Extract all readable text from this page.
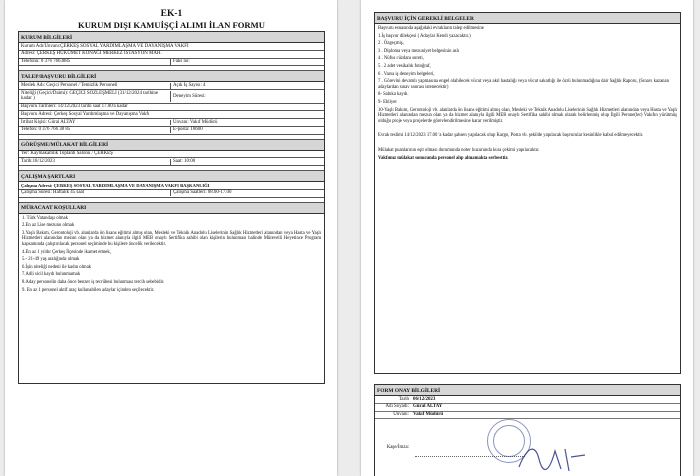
EK-1
KURUM DIŞI KAMUİŞÇİ ALIMI İLAN FORMU
KURUM BİLGİLERİ
Kurum Adı/Unvanı:ÇERKEŞ SOSYAL YARDIMLAŞMA VE DAYANIŞMA VAKFI
Adresi: ÇERKEŞ HÜKÜMET KONAĞI MERKEZ İSTASYON MAH.
Telefonu: 0 376 7663885	Faks no:
TALEP/BAŞVURU BİLGİLERİ
Meslek Adı: Geçici Personel / Temizlik Personeli	Açık İş Sayısı: 4
Niteliği (Geçici/Daimi): GEÇİCİ SÖZLEŞMELİ (31/12/2024 tarihine kadar )
Deneyim Süresi:
Başvuru Tarihleri: 14/12/2023 tarihi saat 17.00'a kadar
Başvuru Adresi: Çerkeş Sosyal Yardımlaşma ve Dayanışma Vakfı
İrtibat Kişisi: Güral ALTAY	Unvanı: Vakıf Müdürü
Telefon: 0 376 766 38 85	E-posta: 18600
GÖRÜŞME/MÜLAKAT BİLGİLERİ
Yer: Kaymakamlık Toplantı Salonu / ÇERKEŞ
Tarih:18/12/2023	Saat: 10:00
ÇALIŞMA ŞARTLARI
Çalışma Adresi: ÇERKEŞ SOSYAL YARDIMLAŞMA VE DAYANIŞMA VAKFI BAŞKANLIĞI
Çalışma Süresi: Haftalık 45 saat	Çalışma Saatleri: 08.00-17.00
MÜRACAAT KOŞULLARI
1. Türk Vatandaşı olmak
2.En az Lise mezunu olmak
3.Yaşlı Bakım, Gerontoloji vb. alanlarda ön lisans eğitimi almış olan, Mesleki ve Teknik Anadolu Liselerinin Sağlık Hizmetleri alanından veya Hasta ve Yaşlı Hizmetleri alanından mezun olan ya da hizmet alanıyla ilgili MEB onaylı Sertifika sahibi olan kişilerin bulunması halinde Mütevelli Heyetince Program kapsamında çalıştırılacak personel seçiminde bu kişilere öncelik verilecektir.
4.En az 1 yıldır Çerkeş İlçesinde ikamet etmek,
5.- 21-49 yaş aralığında olmak
6.İşin niteliği nedeni ile kadın olmak
7.Adli sicil kaydı bulunmamak
8.Aday personelin daha önce benzer iş tecrübesi bulunması tercih sebebidir.
9. En az 1 personel aktif araç kullanabilen adaylar içinden seçilecektir.
BAŞVURU İÇİN GEREKLİ BELGELER
Başvuru esnasında aşağıdaki evrakların talep edilmesine
1.İş başvur dilekçesi ( Adaylar Kendi yazacaktır.)
2 . Özgeçmiş,
3 . Diploma veya mezuniyet belgesinin aslı
4 . Nüfus cüzdanı sureti,
5 . 2 adet vesikalık fotoğraf,
6 . Varsa iş deneyim belgeleri,
7 . Görevini devamlı yapmasına engel olabilecek vücut veya akıl hastalığı veya vücut sakatlığı ile özrü bulunmadığına dair Sağlık Raporu, (Sınavı kazanan adaylardan sınav sonrası istenecektir)
8- Sabıka kaydı.
9- Ehliyet
10-Yaşlı Bakım, Gerontoloji vb. alanlarda ön lisans eğitimi almış olan, Mesleki ve Teknik Anadolu Liselerinin Sağlık Hizmetleri alanından veya Hasta ve Yaşlı Hizmetleri alanından mezun olan ya da hizmet alanıyla ilgili MEB onaylı Sertifika sahibi olmak olarak belirlenmiş olup İlgili Perone(ler) Vakıfın yürütmüş olduğu proje veya projelerde görevlendirilmesine karar verilmiştir.
Evrak teslimi 14/12/2023 17.00 'a kadar şahsen yapılacak olup Kargo, Posta vb. şekilde yapılacak başvurular kesinlikle kabul edilmeyecektir.
Mülakat puanlarının eşit olması durumunda noter huzurunda kura çekimi yapılacaktır.
Vakfımız mülakat sonucunda personel alıp almamakta serbesttir.
FORM ONAY BİLGİLERİ
Tarih 06/12/2023
Adı Soyadı: Güral ALTAY
Unvanı: Vakıf Müdürü
Kaşe/İmza:
